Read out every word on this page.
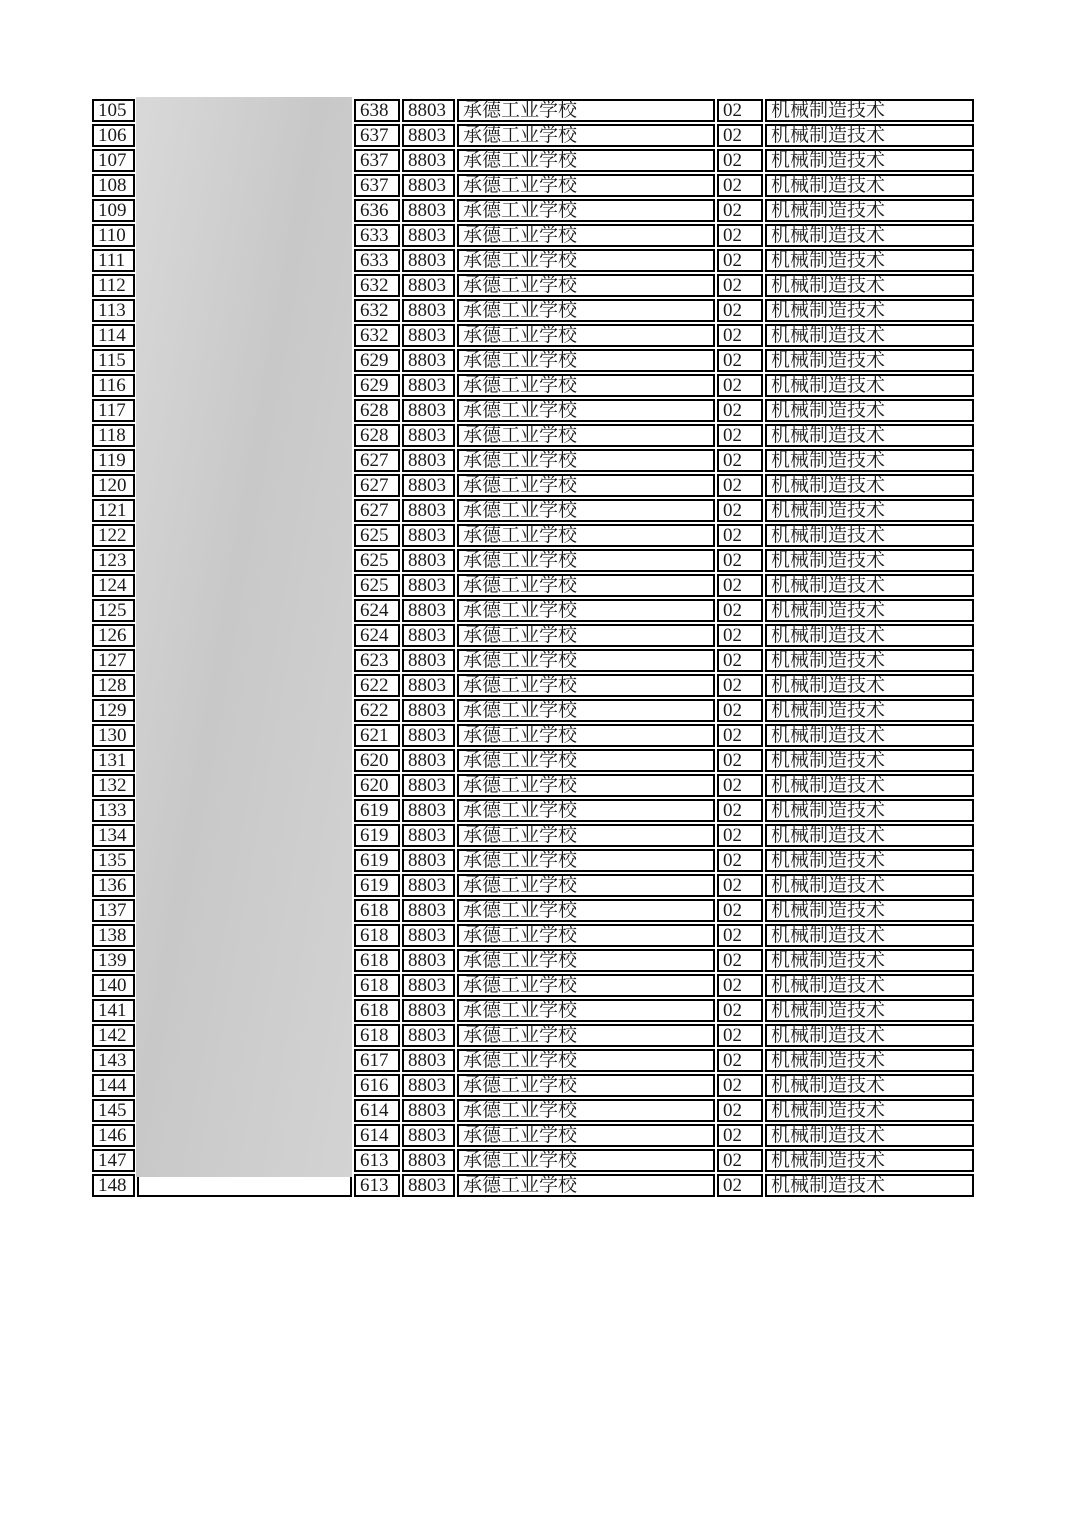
105		638	8803	承德工业学校	02	机械制造技术
106		637	8803	承德工业学校	02	机械制造技术
107		637	8803	承德工业学校	02	机械制造技术
108		637	8803	承德工业学校	02	机械制造技术
109		636	8803	承德工业学校	02	机械制造技术
110		633	8803	承德工业学校	02	机械制造技术
111		633	8803	承德工业学校	02	机械制造技术
112		632	8803	承德工业学校	02	机械制造技术
113		632	8803	承德工业学校	02	机械制造技术
114		632	8803	承德工业学校	02	机械制造技术
115		629	8803	承德工业学校	02	机械制造技术
116		629	8803	承德工业学校	02	机械制造技术
117		628	8803	承德工业学校	02	机械制造技术
118		628	8803	承德工业学校	02	机械制造技术
119		627	8803	承德工业学校	02	机械制造技术
120		627	8803	承德工业学校	02	机械制造技术
121		627	8803	承德工业学校	02	机械制造技术
122		625	8803	承德工业学校	02	机械制造技术
123		625	8803	承德工业学校	02	机械制造技术
124		625	8803	承德工业学校	02	机械制造技术
125		624	8803	承德工业学校	02	机械制造技术
126		624	8803	承德工业学校	02	机械制造技术
127		623	8803	承德工业学校	02	机械制造技术
128		622	8803	承德工业学校	02	机械制造技术
129		622	8803	承德工业学校	02	机械制造技术
130		621	8803	承德工业学校	02	机械制造技术
131		620	8803	承德工业学校	02	机械制造技术
132		620	8803	承德工业学校	02	机械制造技术
133		619	8803	承德工业学校	02	机械制造技术
134		619	8803	承德工业学校	02	机械制造技术
135		619	8803	承德工业学校	02	机械制造技术
136		619	8803	承德工业学校	02	机械制造技术
137		618	8803	承德工业学校	02	机械制造技术
138		618	8803	承德工业学校	02	机械制造技术
139		618	8803	承德工业学校	02	机械制造技术
140		618	8803	承德工业学校	02	机械制造技术
141		618	8803	承德工业学校	02	机械制造技术
142		618	8803	承德工业学校	02	机械制造技术
143		617	8803	承德工业学校	02	机械制造技术
144		616	8803	承德工业学校	02	机械制造技术
145		614	8803	承德工业学校	02	机械制造技术
146		614	8803	承德工业学校	02	机械制造技术
147		613	8803	承德工业学校	02	机械制造技术
148		613	8803	承德工业学校	02	机械制造技术
